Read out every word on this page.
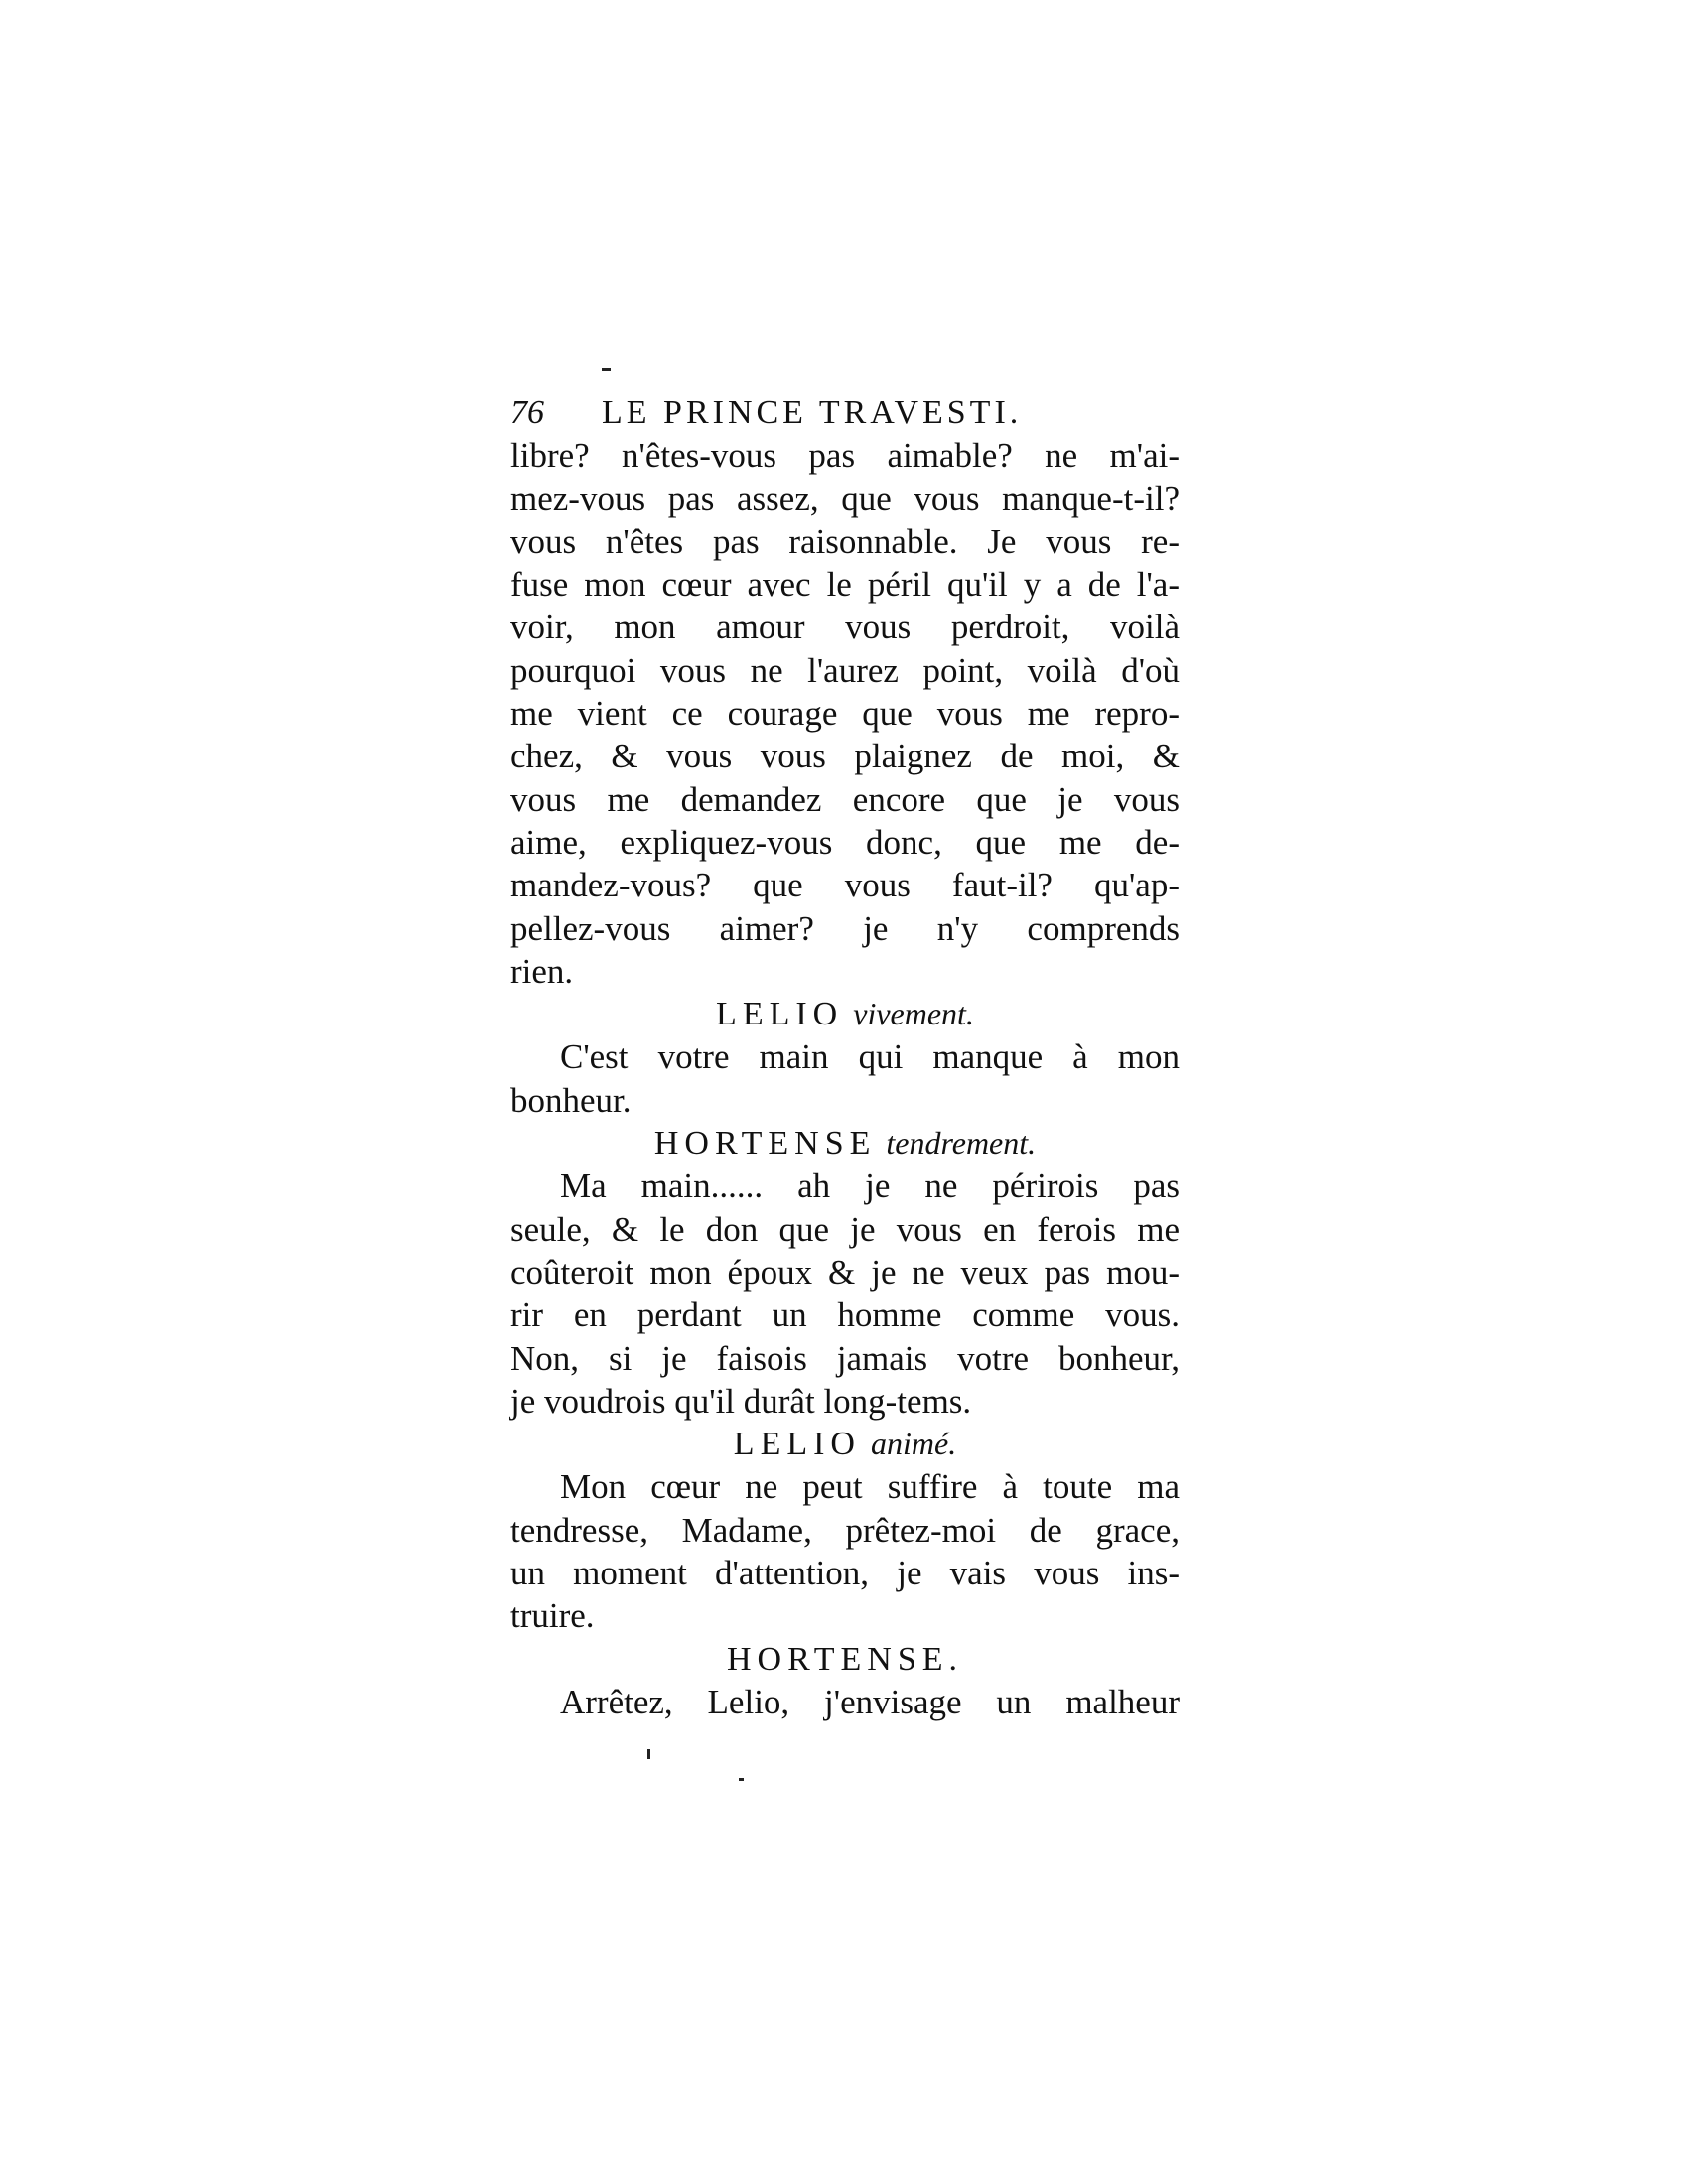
76	LE PRINCE TRAVESTI.
libre? n'êtes-vous pas aimable? ne m'ai-
mez-vous pas assez, que vous manque-t-il?
vous n'êtes pas raisonnable. Je vous re-
fuse mon cœur avec le péril qu'il y a de l'a-
voir, mon amour vous perdroit, voilà
pourquoi vous ne l'aurez point, voilà d'où
me vient ce courage que vous me repro-
chez, & vous vous plaignez de moi, &
vous me demandez encore que je vous
aime, expliquez-vous donc, que me de-
mandez-vous? que vous faut-il? qu'ap-
pellez-vous aimer? je n'y comprends
rien.
LELIO vivement.
C'est votre main qui manque à mon
bonheur.
HORTENSE tendrement.
Ma main...... ah je ne périrois pas
seule, & le don que je vous en ferois me
coûteroit mon époux & je ne veux pas mou-
rir en perdant un homme comme vous.
Non, si je faisois jamais votre bonheur,
je voudrois qu'il durât long-tems.
LELIO animé.
Mon cœur ne peut suffire à toute ma
tendresse, Madame, prêtez-moi de grace,
un moment d'attention, je vais vous ins-
truire.
HORTENSE.
Arrêtez, Lelio, j'envisage un malheur
